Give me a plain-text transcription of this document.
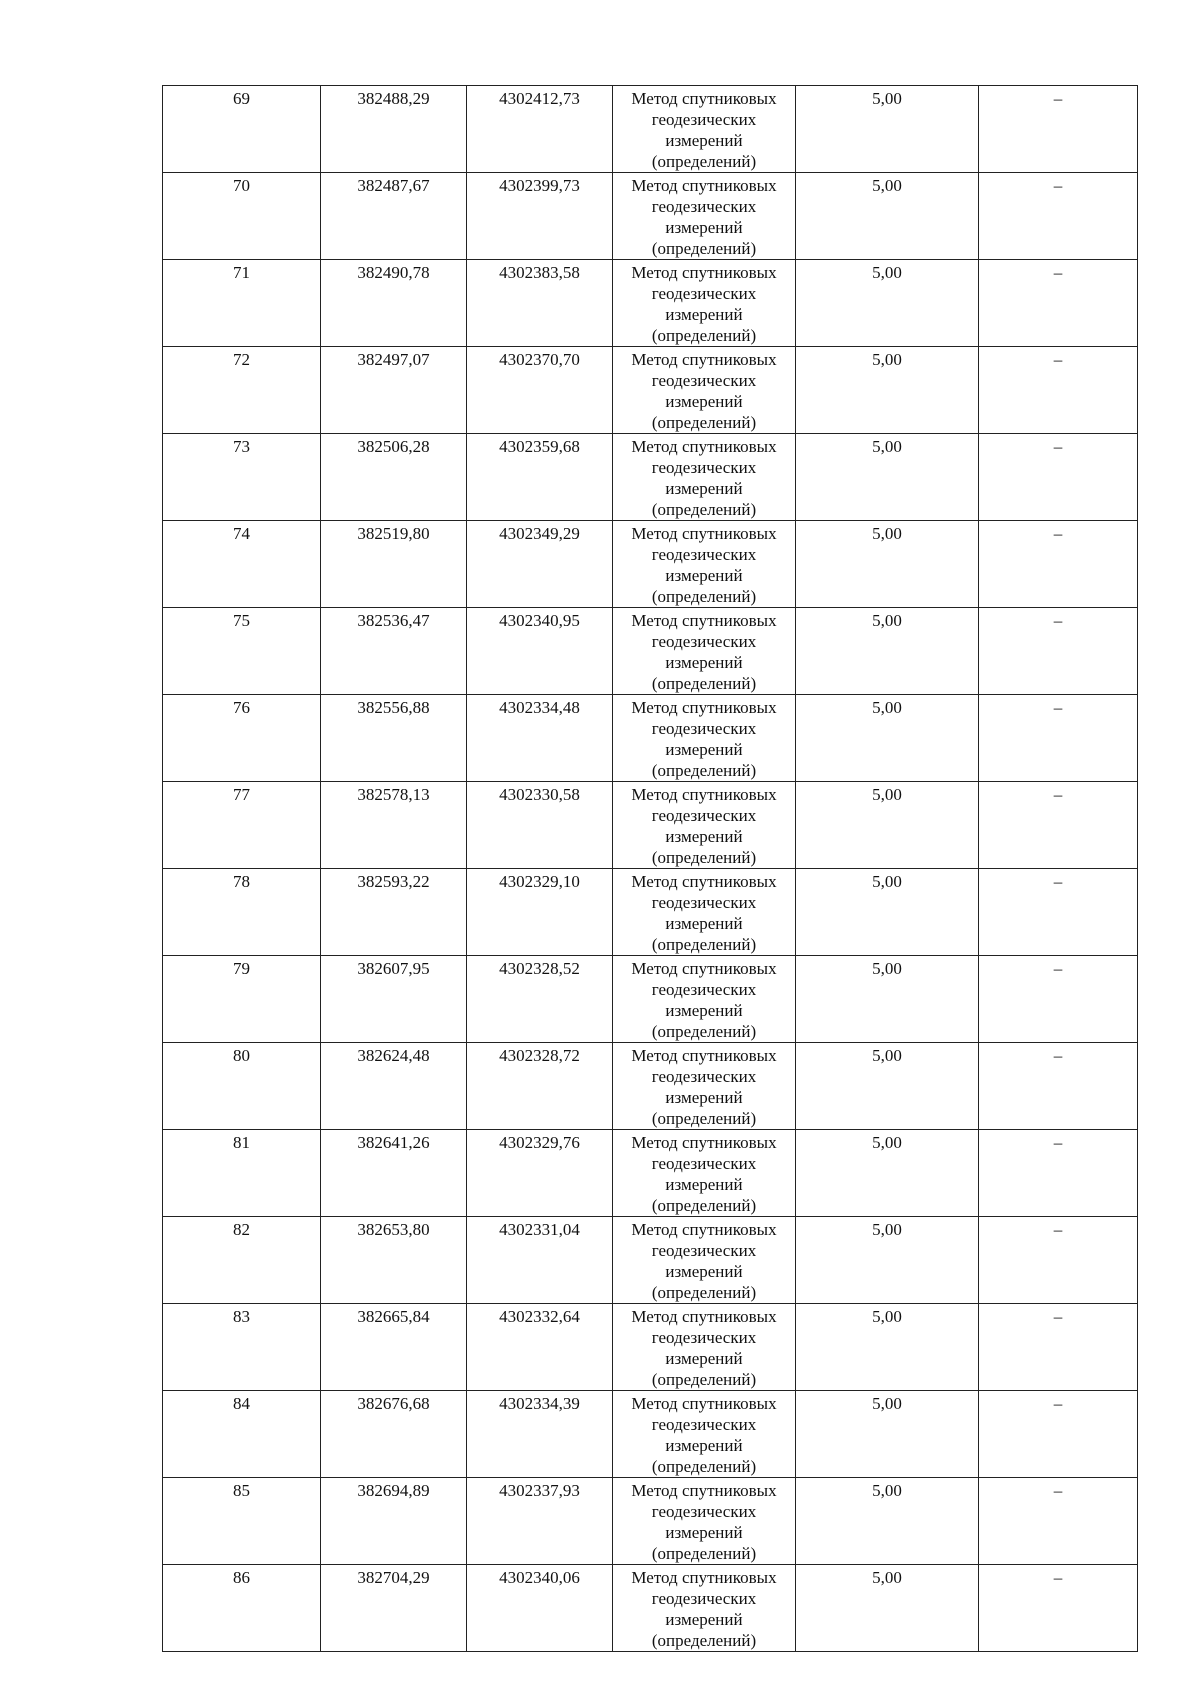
69	382488,29	4302412,73	Метод спутниковых геодезических измерений (определений)	5,00	–

70	382487,67	4302399,73	Метод спутниковых геодезических измерений (определений)	5,00	–

71	382490,78	4302383,58	Метод спутниковых геодезических измерений (определений)	5,00	–

72	382497,07	4302370,70	Метод спутниковых геодезических измерений (определений)	5,00	–

73	382506,28	4302359,68	Метод спутниковых геодезических измерений (определений)	5,00	–

74	382519,80	4302349,29	Метод спутниковых геодезических измерений (определений)	5,00	–

75	382536,47	4302340,95	Метод спутниковых геодезических измерений (определений)	5,00	–

76	382556,88	4302334,48	Метод спутниковых геодезических измерений (определений)	5,00	–

77	382578,13	4302330,58	Метод спутниковых геодезических измерений (определений)	5,00	–

78	382593,22	4302329,10	Метод спутниковых геодезических измерений (определений)	5,00	–

79	382607,95	4302328,52	Метод спутниковых геодезических измерений (определений)	5,00	–

80	382624,48	4302328,72	Метод спутниковых геодезических измерений (определений)	5,00	–

81	382641,26	4302329,76	Метод спутниковых геодезических измерений (определений)	5,00	–

82	382653,80	4302331,04	Метод спутниковых геодезических измерений (определений)	5,00	–

83	382665,84	4302332,64	Метод спутниковых геодезических измерений (определений)	5,00	–

84	382676,68	4302334,39	Метод спутниковых геодезических измерений (определений)	5,00	–

85	382694,89	4302337,93	Метод спутниковых геодезических измерений (определений)	5,00	–

86	382704,29	4302340,06	Метод спутниковых геодезических измерений (определений)	5,00	–
